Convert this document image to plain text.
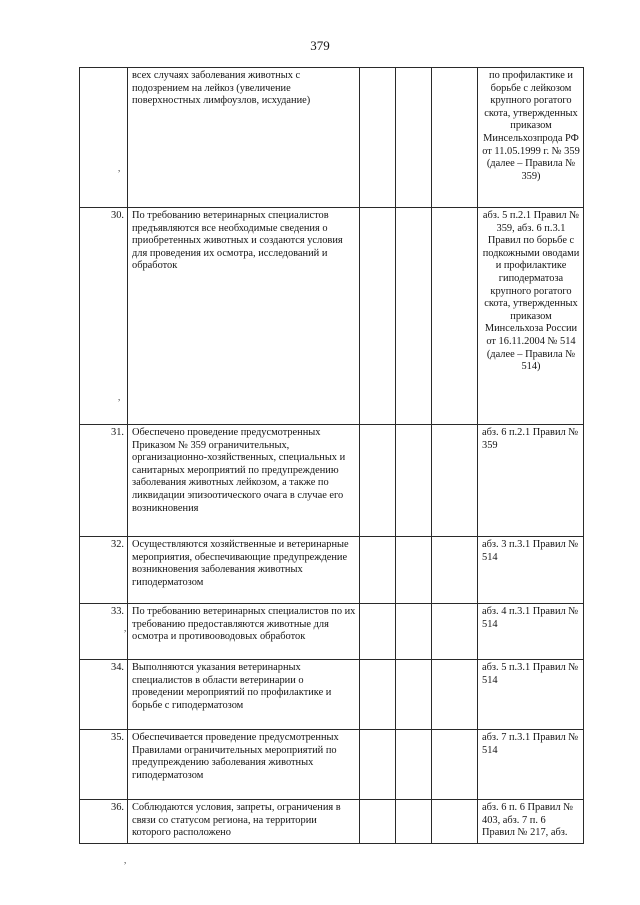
379
	всех случаях заболевания животных с подозрением на лейкоз (увеличение поверхностных лимфоузлов, исхудание)				по профилактике и борьбе с лейкозом крупного рогатого скота, утвержденных приказом Минсельхозпрода РФ от 11.05.1999 г. № 359 (далее – Правила № 359)
30.	По требованию ветеринарных специалистов предъявляются все необходимые сведения о приобретенных животных и создаются условия для проведения их осмотра, исследований и обработок				абз. 5 п.2.1 Правил № 359, абз. 6 п.3.1 Правил по борьбе с подкожными оводами и профилактике гиподерматоза крупного рогатого скота, утвержденных приказом Минсельхоза России от 16.11.2004 № 514 (далее – Правила № 514)
31.	Обеспечено проведение предусмотренных Приказом № 359 ограничительных, организационно-хозяйственных, специальных и санитарных мероприятий по предупреждению заболевания животных лейкозом, а также по ликвидации эпизоотического очага в случае его возникновения				абз. 6 п.2.1 Правил № 359
32.	Осуществляются хозяйственные и ветеринарные мероприятия, обеспечивающие предупреждение возникновения заболевания животных гиподерматозом				абз. 3 п.3.1 Правил № 514
33.	По требованию ветеринарных специалистов по их требованию предоставляются животные для осмотра и противооводовых обработок				абз. 4 п.3.1 Правил № 514
34.	Выполняются указания ветеринарных специалистов в области ветеринарии о проведении мероприятий по профилактике и борьбе с гиподерматозом				абз. 5 п.3.1 Правил № 514
35.	Обеспечивается проведение предусмотренных Правилами ограничительных мероприятий по предупреждению заболевания животных гиподерматозом				абз. 7 п.3.1 Правил № 514
36.	Соблюдаются условия, запреты, ограничения в связи со статусом региона, на территории которого расположено				абз. 6 п. 6 Правил № 403, абз. 7 п. 6 Правил № 217, абз.
,
,
,
,
